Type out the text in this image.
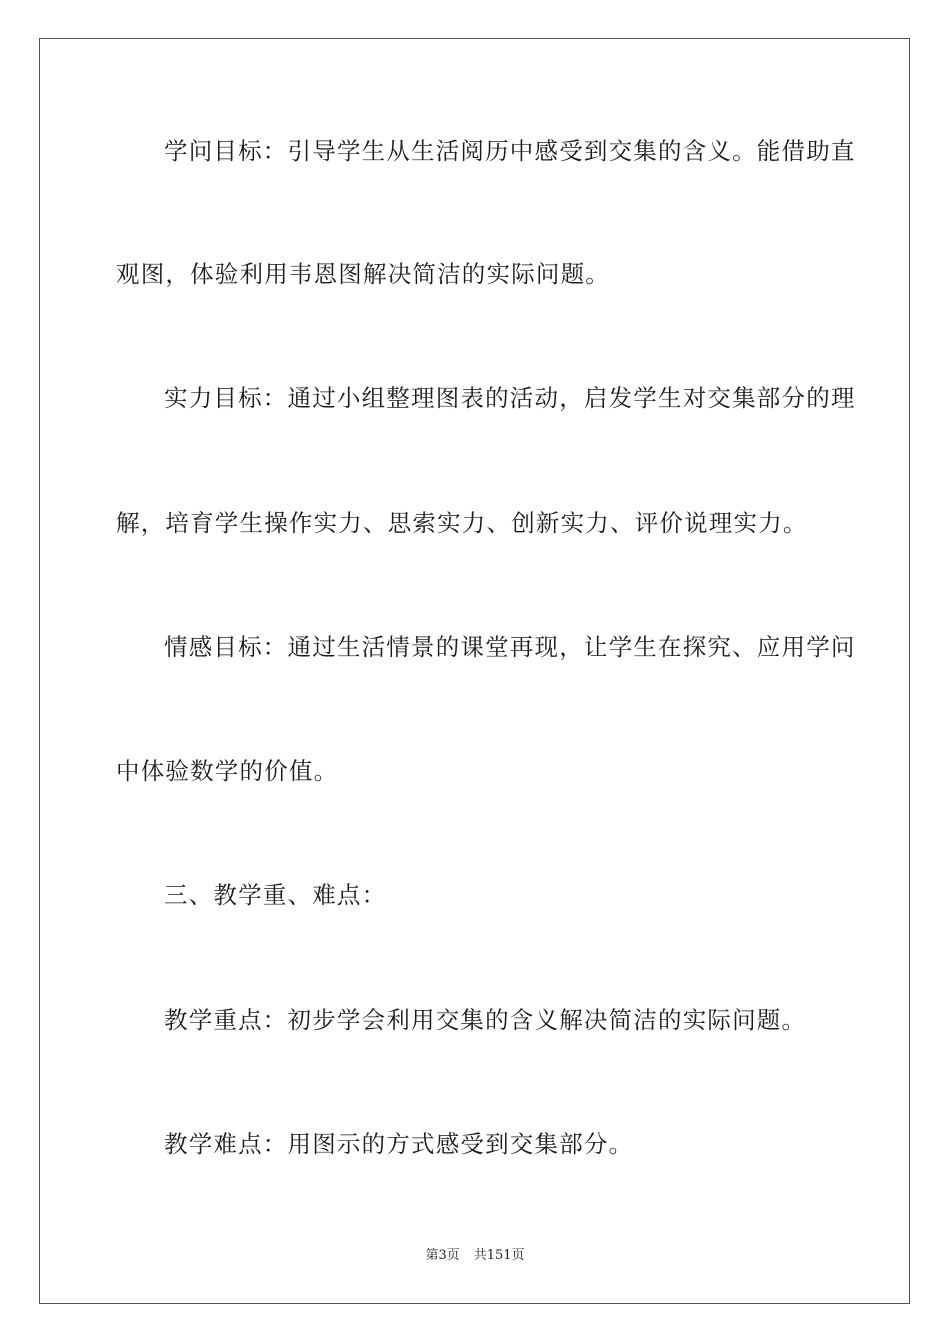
学问目标：引导学生从生活阅历中感受到交集的含义。能借助直
观图，体验利用韦恩图解决简洁的实际问题。
实力目标：通过小组整理图表的活动，启发学生对交集部分的理
解，培育学生操作实力、思索实力、创新实力、评价说理实力。
情感目标：通过生活情景的课堂再现，让学生在探究、应用学问
中体验数学的价值。
三、教学重、难点：
教学重点：初步学会利用交集的含义解决简洁的实际问题。
教学难点：用图示的方式感受到交集部分。
第3页 共151页
